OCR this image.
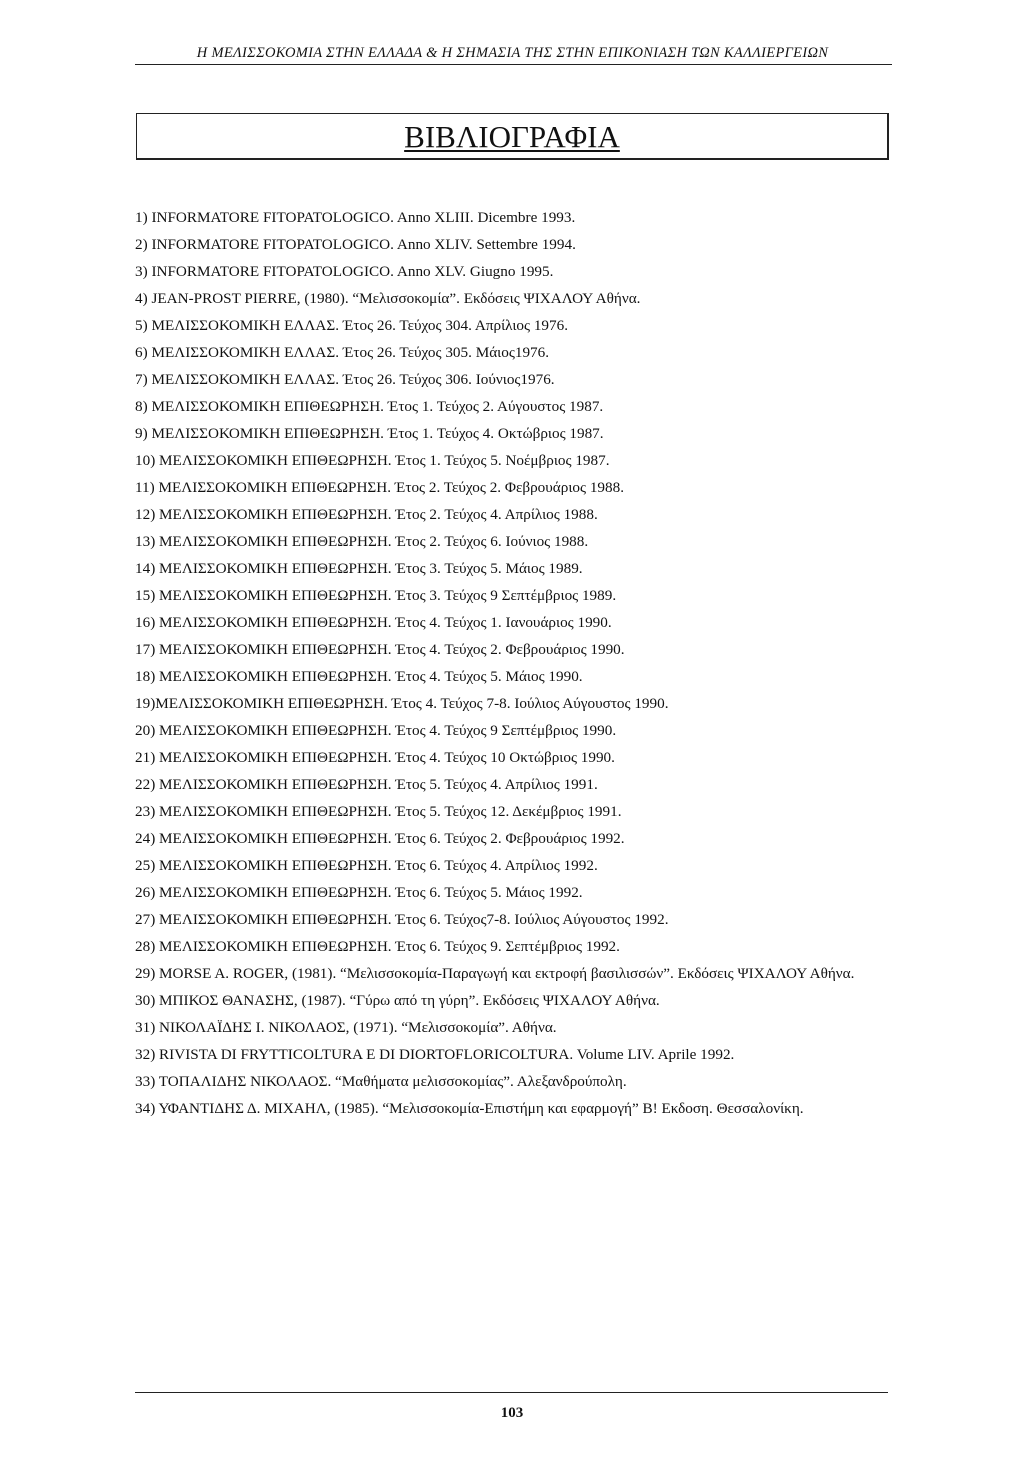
Η ΜΕΛΙΣΣΟΚΟΜΙΑ ΣΤΗΝ ΕΛΛΑΔΑ & Η ΣΗΜΑΣΙΑ ΤΗΣ ΣΤΗΝ ΕΠΙΚΟΝΙΑΣΗ ΤΩΝ ΚΑΛΛΙΕΡΓΕΙΩΝ
ΒΙΒΛΙΟΓΡΑΦΙΑ
1) INFORMATORE FITOPATOLOGICO. Anno XLIII. Dicembre 1993.
2) INFORMATORE FITOPATOLOGICO. Anno XLIV. Settembre 1994.
3) INFORMATORE FITOPATOLOGICO. Anno XLV. Giugno 1995.
4) JEAN-PROST PIERRE, (1980). “Μελισσοκομία”. Εκδόσεις ΨΙΧΑΛΟΥ Αθήνα.
5) ΜΕΛΙΣΣΟΚΟΜΙΚΗ ΕΛΛΑΣ. Έτος 26. Τεύχος 304. Απρίλιος 1976.
6) ΜΕΛΙΣΣΟΚΟΜΙΚΗ ΕΛΛΑΣ. Έτος 26. Τεύχος 305. Μάιος1976.
7) ΜΕΛΙΣΣΟΚΟΜΙΚΗ ΕΛΛΑΣ. Έτος 26. Τεύχος 306. Ιούνιος1976.
8) ΜΕΛΙΣΣΟΚΟΜΙΚΗ ΕΠΙΘΕΩΡΗΣΗ. Έτος 1. Τεύχος 2. Αύγουστος 1987.
9) ΜΕΛΙΣΣΟΚΟΜΙΚΗ ΕΠΙΘΕΩΡΗΣΗ. Έτος 1. Τεύχος 4. Οκτώβριος 1987.
10) ΜΕΛΙΣΣΟΚΟΜΙΚΗ ΕΠΙΘΕΩΡΗΣΗ. Έτος 1. Τεύχος 5. Νοέμβριος 1987.
11) ΜΕΛΙΣΣΟΚΟΜΙΚΗ ΕΠΙΘΕΩΡΗΣΗ. Έτος 2. Τεύχος 2. Φεβρουάριος 1988.
12) ΜΕΛΙΣΣΟΚΟΜΙΚΗ ΕΠΙΘΕΩΡΗΣΗ. Έτος 2. Τεύχος 4. Απρίλιος 1988.
13) ΜΕΛΙΣΣΟΚΟΜΙΚΗ ΕΠΙΘΕΩΡΗΣΗ. Έτος 2. Τεύχος 6. Ιούνιος 1988.
14) ΜΕΛΙΣΣΟΚΟΜΙΚΗ ΕΠΙΘΕΩΡΗΣΗ. Έτος 3. Τεύχος 5. Μάιος 1989.
15) ΜΕΛΙΣΣΟΚΟΜΙΚΗ ΕΠΙΘΕΩΡΗΣΗ. Έτος 3. Τεύχος 9 Σεπτέμβριος 1989.
16) ΜΕΛΙΣΣΟΚΟΜΙΚΗ ΕΠΙΘΕΩΡΗΣΗ. Έτος 4. Τεύχος 1. Ιανουάριος 1990.
17) ΜΕΛΙΣΣΟΚΟΜΙΚΗ ΕΠΙΘΕΩΡΗΣΗ. Έτος 4. Τεύχος 2. Φεβρουάριος 1990.
18) ΜΕΛΙΣΣΟΚΟΜΙΚΗ ΕΠΙΘΕΩΡΗΣΗ. Έτος 4. Τεύχος 5. Μάιος 1990.
19)ΜΕΛΙΣΣΟΚΟΜΙΚΗ ΕΠΙΘΕΩΡΗΣΗ. Έτος 4. Τεύχος 7-8. Ιούλιος Αύγουστος 1990.
20) ΜΕΛΙΣΣΟΚΟΜΙΚΗ ΕΠΙΘΕΩΡΗΣΗ. Έτος 4. Τεύχος 9 Σεπτέμβριος 1990.
21) ΜΕΛΙΣΣΟΚΟΜΙΚΗ ΕΠΙΘΕΩΡΗΣΗ. Έτος 4. Τεύχος 10 Οκτώβριος 1990.
22) ΜΕΛΙΣΣΟΚΟΜΙΚΗ ΕΠΙΘΕΩΡΗΣΗ. Έτος 5. Τεύχος 4. Απρίλιος 1991.
23) ΜΕΛΙΣΣΟΚΟΜΙΚΗ ΕΠΙΘΕΩΡΗΣΗ. Έτος 5. Τεύχος 12. Δεκέμβριος 1991.
24) ΜΕΛΙΣΣΟΚΟΜΙΚΗ ΕΠΙΘΕΩΡΗΣΗ. Έτος 6. Τεύχος 2. Φεβρουάριος 1992.
25) ΜΕΛΙΣΣΟΚΟΜΙΚΗ ΕΠΙΘΕΩΡΗΣΗ. Έτος 6. Τεύχος 4. Απρίλιος 1992.
26) ΜΕΛΙΣΣΟΚΟΜΙΚΗ ΕΠΙΘΕΩΡΗΣΗ. Έτος 6. Τεύχος 5. Μάιος 1992.
27) ΜΕΛΙΣΣΟΚΟΜΙΚΗ ΕΠΙΘΕΩΡΗΣΗ. Έτος 6. Τεύχος7-8. Ιούλιος Αύγουστος 1992.
28) ΜΕΛΙΣΣΟΚΟΜΙΚΗ ΕΠΙΘΕΩΡΗΣΗ. Έτος 6. Τεύχος 9. Σεπτέμβριος 1992.
29) MORSE A. ROGER, (1981). “Μελισσοκομία-Παραγωγή και εκτροφή βασιλισσών”. Εκδόσεις ΨΙΧΑΛΟΥ Αθήνα.
30) ΜΠΙΚΟΣ ΘΑΝΑΣΗΣ, (1987). “Γύρω από τη γύρη”. Εκδόσεις ΨΙΧΑΛΟΥ Αθήνα.
31) ΝΙΚΟΛΑΪΔΗΣ Ι. ΝΙΚΟΛΑΟΣ, (1971). “Μελισσοκομία”. Αθήνα.
32) RIVISTA DI FRYTTICOLTURA E DI DIORTOFLORICOLTURA. Volume LIV. Aprile 1992.
33) ΤΟΠΑΛΙΔΗΣ ΝΙΚΟΛΑΟΣ. “Μαθήματα μελισσοκομίας”. Αλεξανδρούπολη.
34) ΥΦΑΝΤΙΔΗΣ Δ. ΜΙΧΑΗΛ, (1985). “Μελισσοκομία-Επιστήμη και εφαρμογή” Β! Εκδοση. Θεσσαλονίκη.
103
